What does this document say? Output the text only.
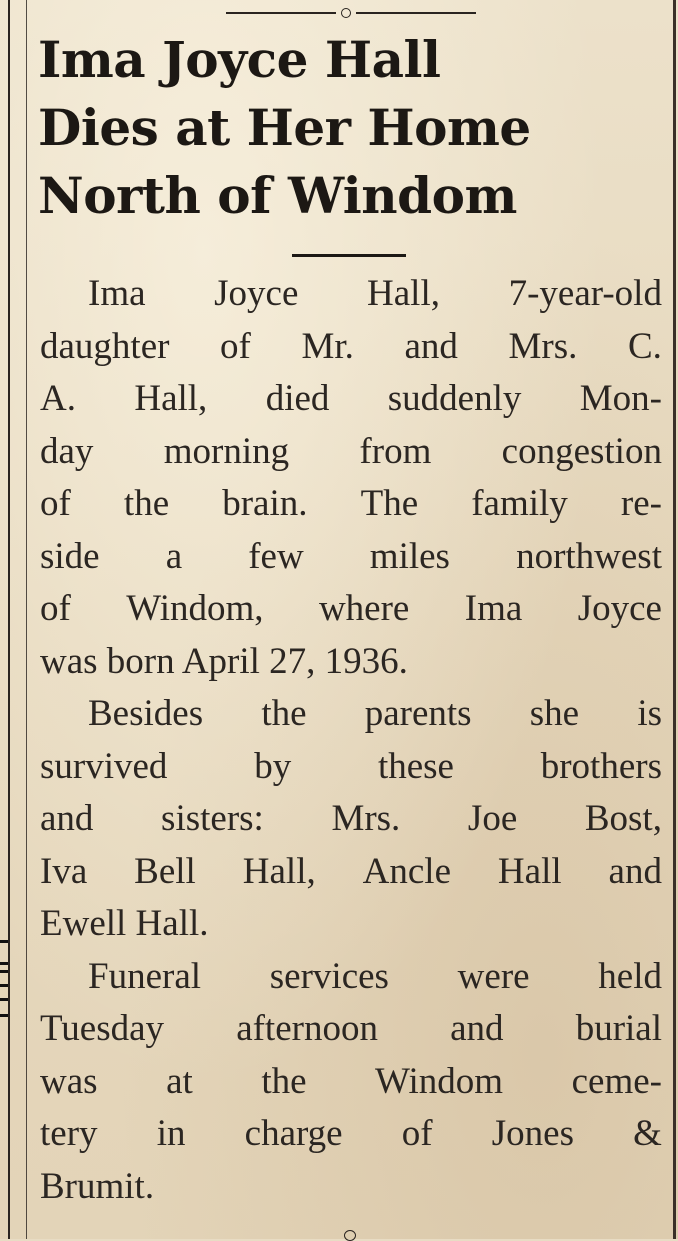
Ima Joyce Hall
Dies at Her Home
North of Windom
Ima Joyce Hall, 7-year-old
daughter of Mr. and Mrs. C.
A. Hall, died suddenly Mon-
day morning from congestion
of the brain. The family re-
side a few miles northwest
of Windom, where Ima Joyce
was born April 27, 1936.
Besides the parents she is
survived by these brothers
and sisters: Mrs. Joe Bost,
Iva Bell Hall, Ancle Hall and
Ewell Hall.
Funeral services were held
Tuesday afternoon and burial
was at the Windom ceme-
tery in charge of Jones &
Brumit.
